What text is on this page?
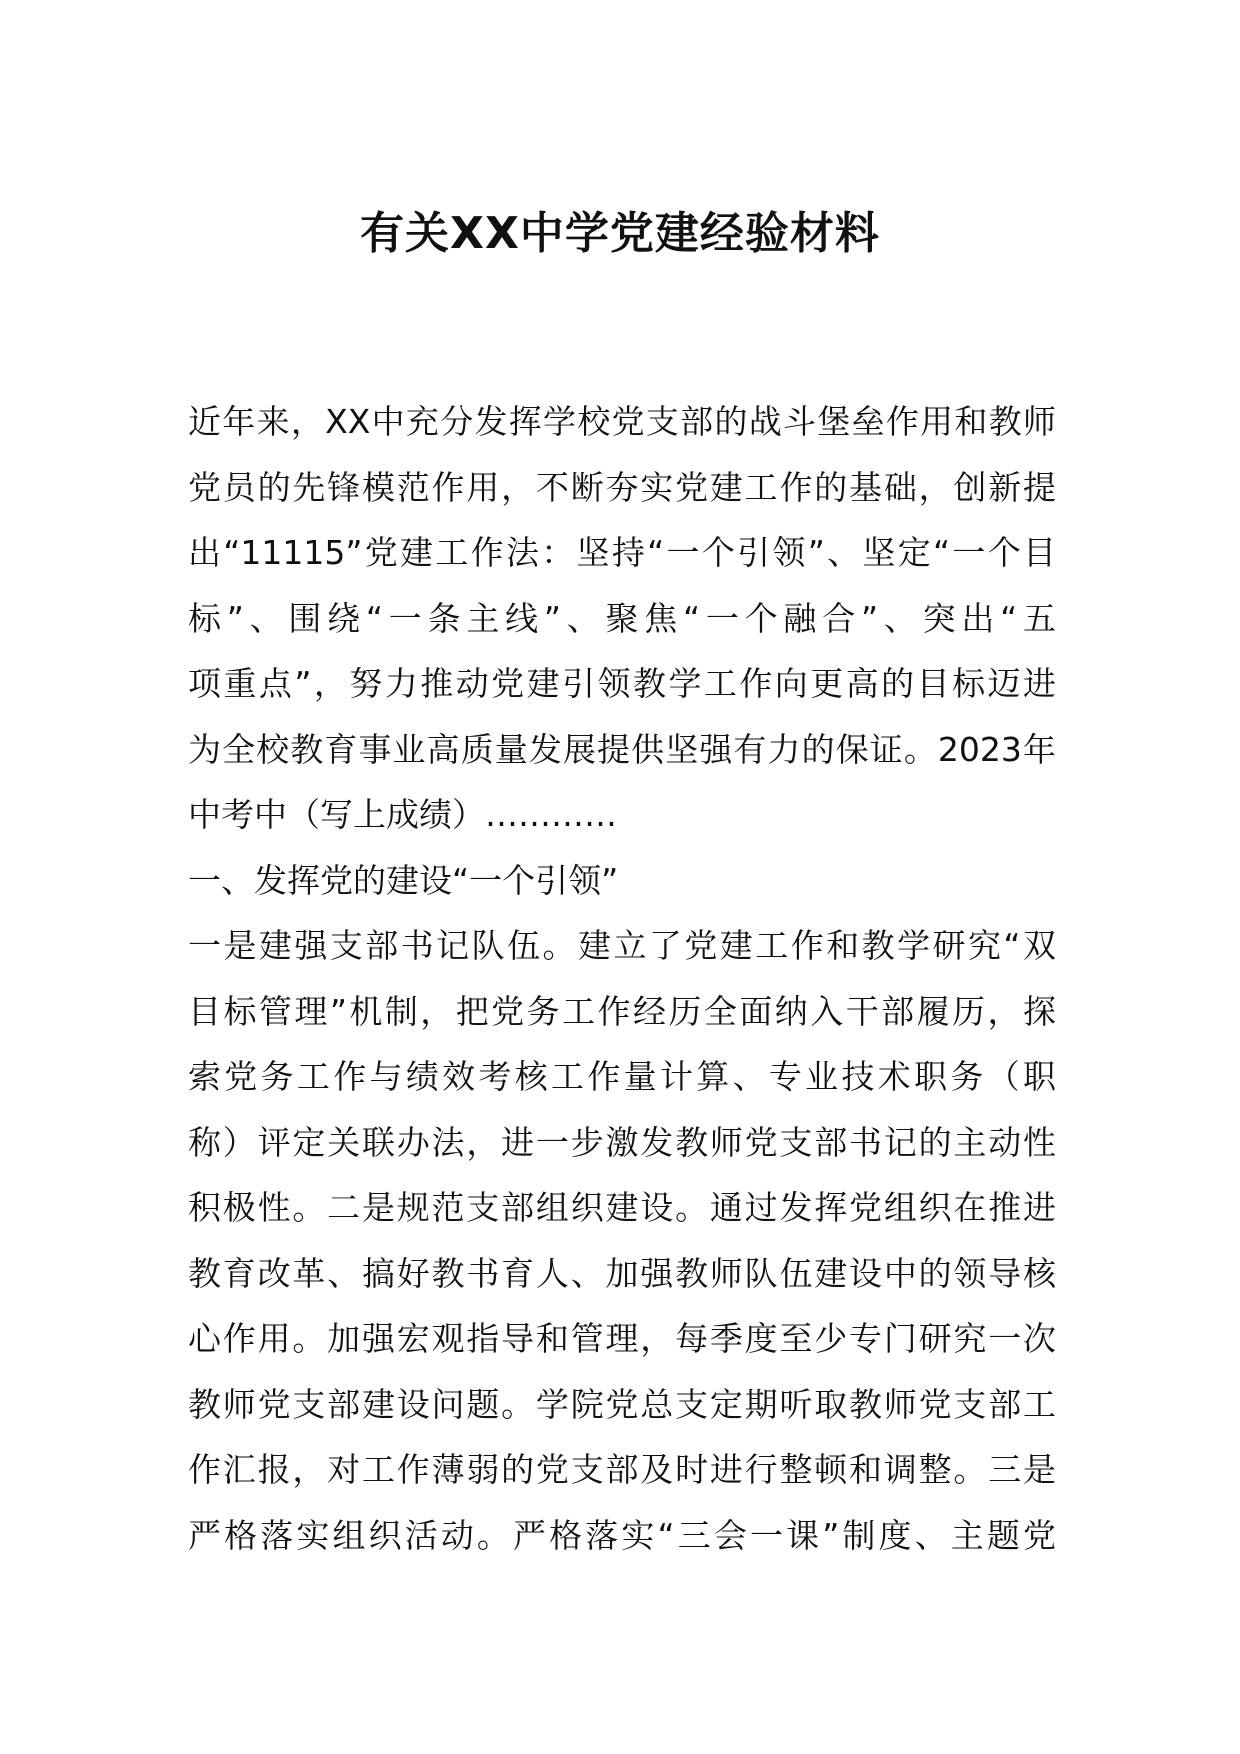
有关XX中学党建经验材料
近年来，XX中充分发挥学校党支部的战斗堡垒作用和教师
党员的先锋模范作用，不断夯实党建工作的基础，创新提
出“11115”党建工作法：坚持“一个引领”、坚定“一个目
标”、围绕“一条主线”、聚焦“一个融合”、突出“五
项重点”，努力推动党建引领教学工作向更高的目标迈进
为全校教育事业高质量发展提供坚强有力的保证。2023年
中考中（写上成绩）…………
一、发挥党的建设“一个引领”
一是建强支部书记队伍。建立了党建工作和教学研究“双
目标管理”机制，把党务工作经历全面纳入干部履历，探
索党务工作与绩效考核工作量计算、专业技术职务（职
称）评定关联办法，进一步激发教师党支部书记的主动性
积极性。二是规范支部组织建设。通过发挥党组织在推进
教育改革、搞好教书育人、加强教师队伍建设中的领导核
心作用。加强宏观指导和管理，每季度至少专门研究一次
教师党支部建设问题。学院党总支定期听取教师党支部工
作汇报，对工作薄弱的党支部及时进行整顿和调整。三是
严格落实组织活动。严格落实“三会一课”制度、主题党
